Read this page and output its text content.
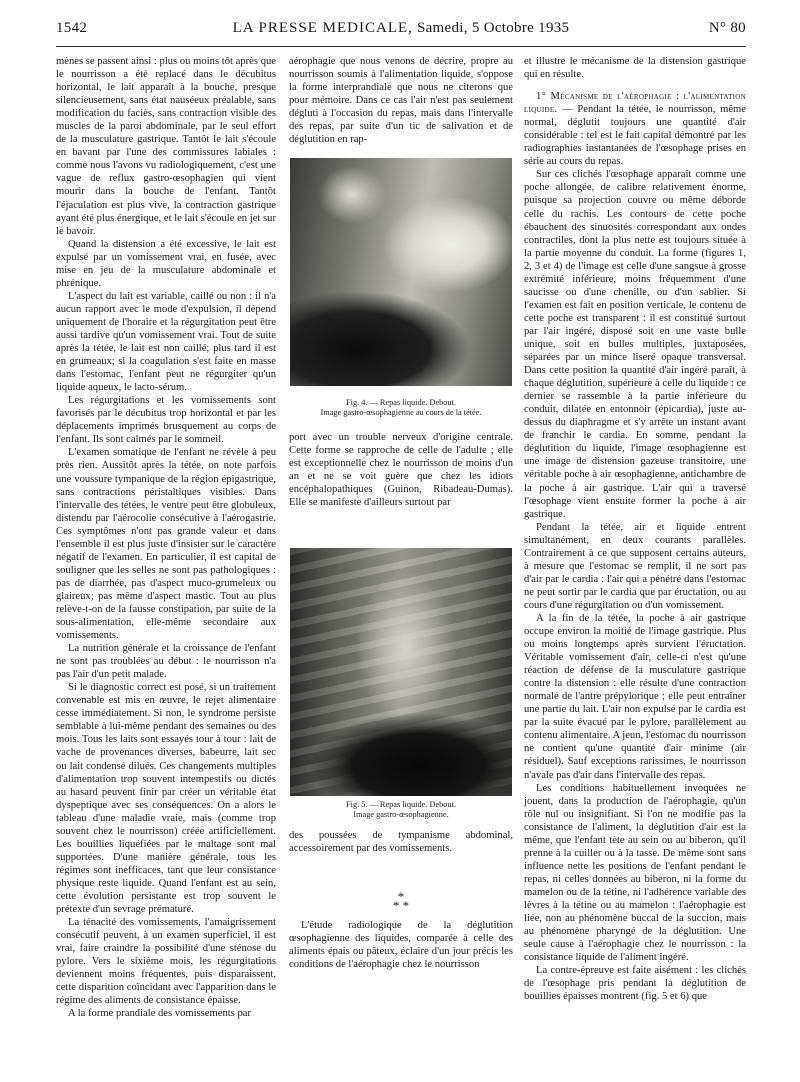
1542	LA PRESSE MEDICALE, Samedi, 5 Octobre 1935	N° 80

mènes se passent ainsi : plus ou moins tôt après que le nourrisson a été replacé dans le décubitus horizontal, le lait apparaît à la bouche, presque silencieusement, sans état nauséeux préalable, sans modification du faciès, sans contraction visible des muscles de la paroi abdominale, par le seul effort de la musculature gastrique. Tantôt le lait s'écoule en bavant par l'une des commissures labiales : comme nous l'avons vu radiologiquement, c'est une vague de reflux gastro-œsophagien qui vient mourir dans la bouche de l'enfant. Tantôt l'éjaculation est plus vive, la contraction gastrique ayant été plus énergique, et le lait s'écoule en jet sur le bavoir.

Quand la distension a été excessive, le lait est expulsé par un vomissement vrai, en fusée, avec mise en jeu de la musculature abdominale et phrénique.

L'aspect du lait est variable, caillé ou non : il n'a aucun rapport avec le mode d'expulsion, il dépend uniquement de l'horaire et la régurgitation peut être aussi tardive qu'un vomissement vrai. Tout de suite après la tétée, le lait est non caillé; plus tard il est en grumeaux; si la coagulation s'est faite en masse dans l'estomac, l'enfant peut ne régurgiter qu'un liquide aqueux, le lacto-sérum.

Les régurgitations et les vomissements sont favorisés par le décubitus trop horizontal et par les déplacements imprimés brusquement au corps de l'enfant. Ils sont calmés par le sommeil.

L'examen somatique de l'enfant ne révèle à peu près rien. Aussitôt après la tétée, on note parfois une voussure tympanique de la région épigastrique, sans contractions péristaltiques visibles. Dans l'intervalle des tétées, le ventre peut être globuleux, distendu par l'aérocolie consécutive à l'aérogastrie. Ces symptômes n'ont pas grande valeur et dans l'ensemble il est plus juste d'insister sur le caractère négatif de l'examen. En particulier, il est capital de souligner que les selles ne sont pas pathologiques : pas de diarrhée, pas d'aspect muco-grumeleux ou glaireux; pas même d'aspect mastic. Tout au plus relève-t-on de la fausse constipation, par suite de la sous-alimentation, elle-même secondaire aux vomissements.

La nutrition générale et la croissance de l'enfant ne sont pas troublées au début : le nourrisson n'a pas l'air d'un petit malade.

Si le diagnostic correct est posé, si un traitement convenable est mis en œuvre, le rejet alimentaire cesse immédiatement. Si non, le syndrome persiste semblable à lui-même pendant des semaines ou des mois. Tous les laits sont essayés tour à tour : lait de vache de provenances diverses, babeurre, lait sec ou lait condensé dilués. Ces changements multiples d'alimentation trop souvent intempestifs ou dictés au hasard peuvent finir par créer un véritable état dyspeptique avec ses conséquences. On a alors le tableau d'une maladie vraie, mais (comme trop souvent chez le nourrisson) créée artificiellement. Les bouillies liquéfiées par le maltage sont mal supportées. D'une manière générale, tous les régimes sont inefficaces, tant que leur consistance physique reste liquide. Quand l'enfant est au sein, cette évolution persistante est trop souvent le prétexte d'un sevrage prématuré.

La ténacité des vomissements, l'amaigrissement consécutif peuvent, à un examen superficiel, il est vrai, faire craindre la possibilité d'une sténose du pylore. Vers le sixième mois, les régurgitations deviennent moins fréquentes, puis disparaissent, cette disparition coïncidant avec l'apparition dans le régime des aliments de consistance épaisse.

A la forme prandiale des vomissements par

aérophagie que nous venons de décrire, propre au nourrisson soumis à l'alimentation liquide, s'oppose la forme interprandiale que nous ne citerons que pour mémoire. Dans ce cas l'air n'est pas seulement dégluti à l'occasion du repas, mais dans l'intervalle des repas, par suite d'un tic de salivation et de déglutition en rap-

Fig. 4. — Repas liquide. Debout.
Image gastro-œsophagienne au cours de la tétée.

port avec un trouble nerveux d'origine centrale. Cette forme se rapproche de celle de l'adulte ; elle est exceptionnelle chez le nourrisson de moins d'un an et ne se voit guère que chez les idiots encéphalopathiques (Guinon, Ribadeau-Dumas). Elle se manifeste d'ailleurs surtout par

Fig. 5. — Repas liquide. Debout.
Image gastro-œsophagienne.

des poussées de tympanisme abdominal, accessoirement par des vomissements.

*
* *

L'étude radiologique de la déglutition œsophagienne des liquides, comparée à celle des aliments épais ou pâteux, éclaire d'un jour précis les conditions de l'aérophagie chez le nourrisson

et illustre le mécanisme de la distension gastrique qui en résulte.

1° Mécanisme de l'aérophagie : l'alimentation liquide. — Pendant la tétée, le nourrisson, même normal, déglutit toujours une quantité d'air considérable : tel est le fait capital démontré par les radiographies instantanées de l'œsophage prises en série au cours du repas.

Sur ces clichés l'œsophage apparaît comme une poche allongée, de calibre relativement énorme, puisque sa projection couvre ou même déborde celle du rachis. Les contours de cette poche ébauchent des sinuosités correspondant aux ondes contractiles, dont la plus nette est toujours située à la partie moyenne du conduit. La forme (figures 1, 2, 3 et 4) de l'image est celle d'une sangsue à grosse extrémité inférieure, moins fréquemment d'une saucisse ou d'une chenille, ou d'un sablier. Si l'examen est fait en position verticale, le contenu de cette poche est transparent : il est constitué surtout par l'air ingéré, disposé soit en une vaste bulle unique, soit en bulles multiples, juxtaposées, séparées par un mince liseré opaque transversal. Dans cette position la quantité d'air ingéré paraît, à chaque déglutition, supérieure à celle du liquide : ce dernier se rassemble à la partie inférieure du conduit, dilatée en entonnoir (épicardia), juste au-dessus du diaphragme et s'y arrête un instant avant de franchir le cardia. En somme, pendant la déglutition du liquide, l'image œsophagienne est une image de distension gazeuse transitoire, une véritable poche à air œsophagienne, antichambre de la poche à air gastrique. L'air qui a traversé l'œsophage vient ensuite former la poche à air gastrique.

Pendant la tétée, air et liquide entrent simultanément, en deux courants parallèles. Contrairement à ce que supposent certains auteurs, à mesure que l'estomac se remplit, il ne sort pas d'air par le cardia : l'air qui a pénétré dans l'estomac ne peut sortir par le cardia que par éructation, ou au cours d'une régurgitation ou d'un vomissement.

A la fin de la tétée, la poche à air gastrique occupe environ la moitié de l'image gastrique. Plus ou moins longtemps après survient l'éructation. Véritable vomissement d'air, celle-ci n'est qu'une réaction de défense de la musculature gastrique contre la distension : elle résulte d'une contraction normale de l'antre prépylorique ; elle peut entraîner une partie du lait. L'air non expulsé par le cardia est par la suite évacué par le pylore, parallèlement au contenu alimentaire. A jeun, l'estomac du nourrisson ne contient qu'une quantité d'air minime (air résiduel). Sauf exceptions rarissimes, le nourrisson n'avale pas d'air dans l'intervalle des repas.

Les conditions habituellement invoquées ne jouent, dans la production de l'aérophagie, qu'un rôle nul ou insignifiant. Si l'on ne modifie pas la consistance de l'aliment, la déglutition d'air est la même, que l'enfant tète au sein ou au biberon, qu'il prenne à la cuiller ou à la tasse. De même sont sans influence nette les positions de l'enfant pendant le repas, ni celles données au biberon, ni la forme du mamelon ou de la tétine, ni l'adhérence variable des lèvres à la tétine ou au mamelon : l'aérophagie est liée, non au phénomène buccal de la succion, mais au phénomène pharyngé de la déglutition. Une seule cause à l'aérophagie chez le nourrisson : la consistance liquide de l'aliment ingéré.

La contre-épreuve est faite aisément : les clichés de l'œsophage pris pendant la déglutition de bouillies épaisses montrent (fig. 5 et 6) que
